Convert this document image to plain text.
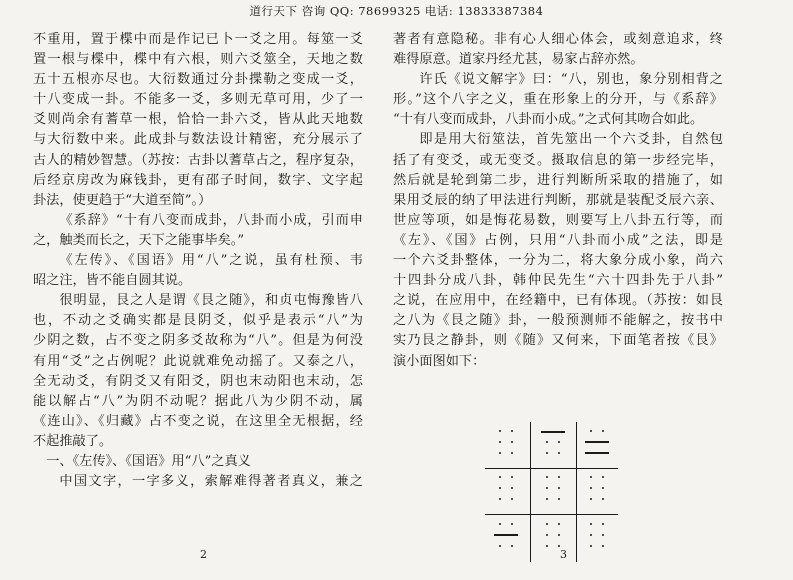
道行天下 咨询 QQ: 78699325 电话: 13833387384

不重用，置于楪中而是作记已卜一爻之用。每筮一爻

置一根与楪中，楪中有六根，则六爻筮全，天地之数

五十五根亦尽也。大衍数通过分卦揲勒之变成一爻，

十八变成一卦。不能多一爻，多则无草可用，少了一

爻则尚余有蓍草一根，恰恰一卦六爻，皆从此天地数

与大衍数中来。此成卦与数法设计精密，充分展示了

古人的精妙智慧。（苏按：古卦以蓍草占之，程序复杂，

后经京房改为麻钱卦，更有邵子时间，数字、文字起

卦法，使更趋于“大道至简”。）

《系辞》“十有八变而成卦，八卦而小成，引而申

之，触类而长之，天下之能事毕矣。”

《左传》、《国语》用“八”之说，虽有杜预、韦

昭之注，皆不能自圆其说。

很明显，艮之人是谓《艮之随》，和贞屯悔豫皆八

也，不动之爻确实都是艮阴爻，似乎是表示“八”为

少阴之数，占不变之阴多爻故称为“八”。但是为何没

有用“爻”之占例呢？此说就难免动摇了。又泰之八，

全无动爻，有阴爻又有阳爻，阴也末动阳也末动，怎

能以解占“八”为阴不动呢？据此八为少阴不动，属

《连山》、《归藏》占不变之说，在这里全无根据，经

不起推敲了。

一、《左传》、《国语》用“八”之真义

中国文字，一字多义，索解难得著者真义，兼之

2

著者有意隐秘。非有心人细心体会，或刻意追求，终

难得原意。道家丹经尤甚，易家占辞亦然。

许氏《说文解字》曰：“八，别也，象分别相背之

形。”这个八字之义，重在形象上的分开，与《系辞》

“十有八变而成卦，八卦而小成。”之式何其吻合如此。

即是用大衍筮法，首先筮出一个六爻卦，自然包

括了有变爻，或无变爻。摄取信息的第一步经完毕，

然后就是轮到第二步，进行判断所采取的措施了，如

果用爻辰的纳了甲法进行判断，那就是装配爻辰六亲、

世应等项，如是悔花易数，则要写上八卦五行等，而

《左》、《国》占例，只用“八卦而小成”之法，即是

一个六爻卦整体，一分为二，将大象分成小象，尚六

十四卦分成八卦，韩仲民先生“六十四卦先于八卦”

之说，在应用中，在经籍中，已有体现。（苏按：如艮

之八为《艮之随》卦，一般预测师不能解之，按书中

实乃艮之静卦，则《随》又何来，下面笔者按《艮》

演小面图如下：

3
